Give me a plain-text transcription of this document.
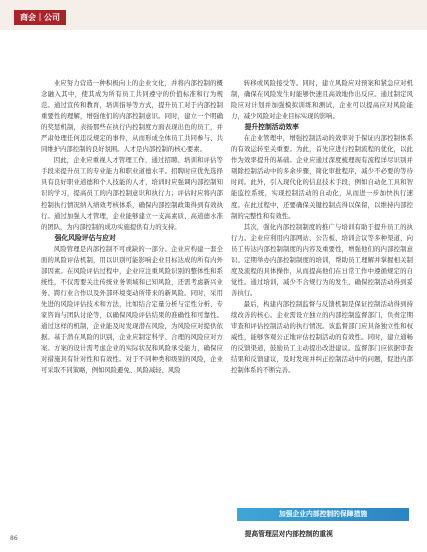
商会｜公司

业应努力营造一种积极向上的企业文化，并将内部控制的概念融入其中，使其成为所有员工共同遵守的价值标准和行为规范。通过宣传和教育，培训指导等方式，提升员工对于内部控制重要性的理解，增强他们的内部控制意识。同时，建立一个明确的奖惩机制，表扬那些在执行内控制度方面表现出色的员工，并严肃处理任何违反规定的事件，从而形成全体员工共同参与、共同维护内部控制的良好氛围。人才是内部控制的核心要素。

因此，企业应重视人才管理工作，通过招聘、培训和评估等手段来提升员工的专业能力和职业道德水平。招聘时应优先选择具有良好职业道德和个人技能的人才，培训时应强调内部控制知识的学习，提高员工的内部控制意识和执行力；评估时应将内部控制执行情况纳入绩效考核体系，确保内部控制政策得到有效执行。通过加强人才管理，企业能够建立一支高素质、高道德水准的团队，为内部控制的成功实施提供有力的支持。

强化风险评估与应对

风险管理是内部控制不可或缺的一部分。企业应构建一套全面的风险评估机制，用以识别可能影响企业目标达成的所有内外部因素。在风险评估过程中，企业应注重风险识别的整体性和系统性，不仅需要关注传统业务领域和已知风险，还需考虑新兴业务、跨行业合作以及外部环境变动所带来的新风险。同时，采用先进的风险评估技术和方法，比如结合定量分析与定性分析、专家咨询与团队讨论等，以确保风险评估结果的准确性和可靠性。通过这样的机制，企业能及时发现潜在风险，为风险应对提供依据。基于潜在风险的识别，企业应制定科学、合理的风险应对方案。方案的设计需考虑企业的实际状况和风险承受能力，确保应对措施具有针对性和有效性。对于不同种类和级别的风险，企业可采取不同策略，例如风险避免、风险减轻、风险

转移或风险接受等。同时，建立风险应对预案和紧急应对机制，确保在风险发生时能够快速且高效地作出反应。通过制定风险应对计划并加强模拟训练和测试，企业可以提高应对风险能力，减少风险对企业目标实现的影响。

提升控制活动效率

在企业管理中，增强控制活动的效率对于保证内部控制体系的有效运转至关重要。为此，首先应进行控制流程的优化，以此作为效率提升的基础。企业应通过深度梳理现有流程详尽识别并剔除控制活动中的多余步骤，简化审批程序，减少不必要的等待时间。此外，引入现代化的信息技术手段，例如自动化工具和智能监控系统，实现控制活动的自动化，从而进一步加快执行速度。在此过程中，还要确保关键控制点得以保留，以维持内部控制的完整性和有效性。

其次，强化内部控制制度的推广与培训有助于提升员工的执行力。企业应利用内部网站、公告板、培训会议等多种渠道，向员工传达内部控制制度的内容及重要性，增强他们的内部控制意识。定期举办内部控制制度的培训，帮助员工理解并掌握相关制度及流程的具体操作，从而提高他们在日常工作中遵循规定的自觉性。通过培训，减少不合规行为的发生，确保控制活动得到妥善执行。

最后，构建内部控制监督与反馈机制是保证控制活动得到持续改善的核心。企业需设立独立的内部控制监督部门，负责定期审查和评估控制活动的执行情况。该监督部门应具备独立性和权威性，能够客观公正地评估控制活动的有效性。同时，建立通畅的反馈渠道，鼓励员工主动提出改进建议。监督部门应依据审查结果和反馈建议，及时发现并纠正控制活动中的问题，促进内部控制体系的不断完善。

加强企业内部控制的保障措施
提高管理层对内部控制的重视
86
